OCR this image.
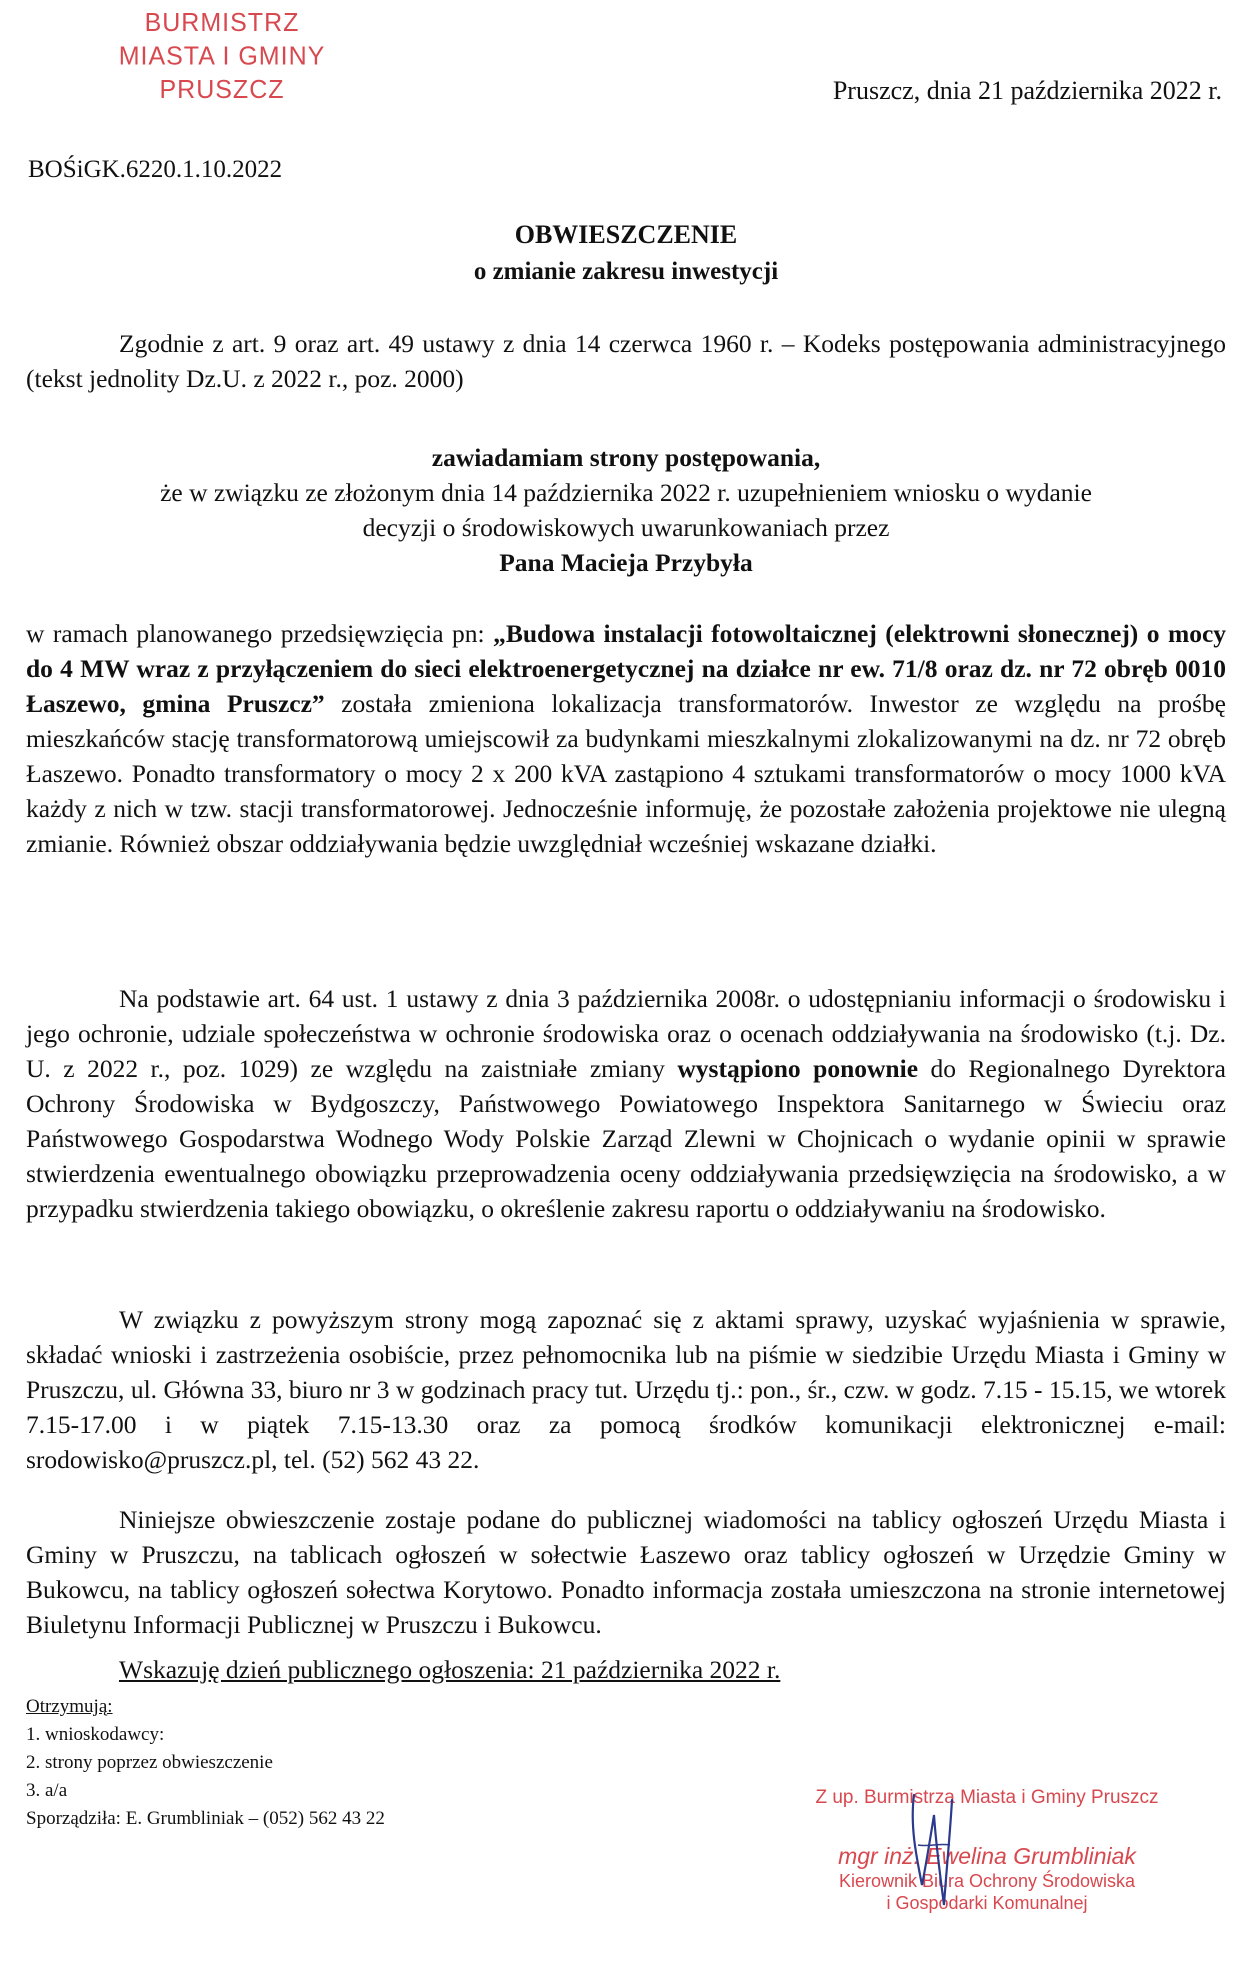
BURMISTRZ
MIASTA I GMINY PRUSZCZ	Pruszcz, dnia 21 października 2022 r.
BOŚiGK.6220.1.10.2022
OBWIESZCZENIE
o zmianie zakresu inwestycji
Zgodnie z art. 9 oraz art. 49 ustawy z dnia 14 czerwca 1960 r. – Kodeks postępowania administracyjnego (tekst jednolity Dz.U. z 2022 r., poz. 2000)
zawiadamiam strony postępowania,
że w związku ze złożonym dnia 14 października 2022 r. uzupełnieniem wniosku o wydanie
decyzji o środowiskowych uwarunkowaniach przez
Pana Macieja Przybyła
w ramach planowanego przedsięwzięcia pn: „Budowa instalacji fotowoltaicznej (elektrowni słonecznej) o mocy do 4 MW wraz z przyłączeniem do sieci elektroenergetycznej na działce nr ew. 71/8 oraz dz. nr 72 obręb 0010 Łaszewo, gmina Pruszcz” została zmieniona lokalizacja transformatorów. Inwestor ze względu na prośbę mieszkańców stację transformatorową umiejscowił za budynkami mieszkalnymi zlokalizowanymi na dz. nr 72 obręb Łaszewo. Ponadto transformatory o mocy 2 x 200 kVA zastąpiono 4 sztukami transformatorów o mocy 1000 kVA każdy z nich w tzw. stacji transformatorowej. Jednocześnie informuję, że pozostałe założenia projektowe nie ulegną zmianie. Również obszar oddziaływania będzie uwzględniał wcześniej wskazane działki.
Na podstawie art. 64 ust. 1 ustawy z dnia 3 października 2008r. o udostępnianiu informacji o środowisku i jego ochronie, udziale społeczeństwa w ochronie środowiska oraz o ocenach oddziaływania na środowisko (t.j. Dz. U. z 2022 r., poz. 1029) ze względu na zaistniałe zmiany wystąpiono ponownie do Regionalnego Dyrektora Ochrony Środowiska w Bydgoszczy, Państwowego Powiatowego Inspektora Sanitarnego w Świeciu oraz Państwowego Gospodarstwa Wodnego Wody Polskie Zarząd Zlewni w Chojnicach o wydanie opinii w sprawie stwierdzenia ewentualnego obowiązku przeprowadzenia oceny oddziaływania przedsięwzięcia na środowisko, a w przypadku stwierdzenia takiego obowiązku, o określenie zakresu raportu o oddziaływaniu na środowisko.
W związku z powyższym strony mogą zapoznać się z aktami sprawy, uzyskać wyjaśnienia w sprawie, składać wnioski i zastrzeżenia osobiście, przez pełnomocnika lub na piśmie w siedzibie Urzędu Miasta i Gminy w Pruszczu, ul. Główna 33, biuro nr 3 w godzinach pracy tut. Urzędu tj.: pon., śr., czw. w godz. 7.15 - 15.15, we wtorek 7.15-17.00 i w piątek 7.15-13.30 oraz za pomocą środków komunikacji elektronicznej e-mail: srodowisko@pruszcz.pl, tel. (52) 562 43 22.
Niniejsze obwieszczenie zostaje podane do publicznej wiadomości na tablicy ogłoszeń Urzędu Miasta i Gminy w Pruszczu, na tablicach ogłoszeń w sołectwie Łaszewo oraz tablicy ogłoszeń w Urzędzie Gminy w Bukowcu, na tablicy ogłoszeń sołectwa Korytowo. Ponadto informacja została umieszczona na stronie internetowej Biuletynu Informacji Publicznej w Pruszczu i Bukowcu.
Wskazuję dzień publicznego ogłoszenia: 21 października 2022 r.
Otrzymują:
1. wnioskodawcy:
2. strony poprzez obwieszczenie
3. a/a
Sporządziła: E. Grumbliniak – (052) 562 43 22
Z up. Burmistrza Miasta i Gminy Pruszcz
mgr inż. Ewelina Grumbliniak
Kierownik Biura Ochrony Środowiska
i Gospodarki Komunalnej
